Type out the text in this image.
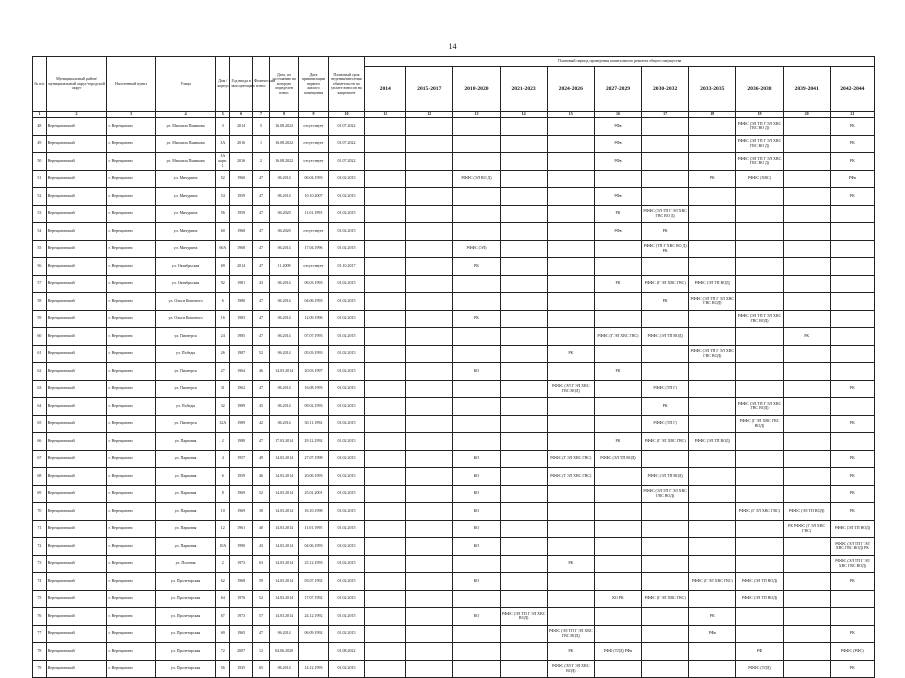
14
№ п/п	Муниципальный район/муниципальный округ/городской округ	Населенный пункт	Улица	Дом / корпус	Год ввода в эксплуатацию	Физический износ	Дата, по состоянию на которую определен износ	Дата приватизации первого жилого помещения	Плановый срок ведения/внесения обязательств по уплате взносов на капремонт	Плановый период проведения капитального ремонта общего имущества										
										2014	2015-2017	2018-2020	2021-2023	2024-2026	2027-2029	2030-2032	2033-2035	2036-2038	2039-2041	2042-2044
1	2	3	4	5	6	7	8	9	10	11	12	13	14	15	16	17	18	19	20	21
48	Верещагинский	г. Верещагино	ул. Михаила Пьянкова	3	2014	5	16.08.2022	отсутствует	01.07.2022						РФв			РФФС (ЭЛ ТП Г ЭЛ ХВС ГВС ВО Д)		РК
49	Верещагинский	г. Верещагино	ул. Михаила Пьянкова	3А	2016	1	16.08.2022	отсутствует	01.07.2022						РФв			РФФС (ЭЛ ТП Г ЭЛ ХВС ГВС ВО Д)		РК
50	Верещагинский	г. Верещагино	ул. Михаила Пьянкова	3А корп. 1	2016	2	16.08.2022	отсутствует	01.07.2022						РФв			РФФС (ЭЛ ТП Г ЭЛ ХВС ГВС ВО Д)		РК
51	Верещагинский	г. Верещагино	ул. Мичурина	52	1960	47	06.2014	06.04.1993	01.02.2015			РФФС (ЭЛ ВО Д)					РК	РФФС (ХВС)		РФв
52	Верещагинский	г. Верещагино	ул. Мичурина	54	1959	47	06.2014	10.10.2007	01.02.2015						РФв					РК
53	Верещагинский	г. Верещагино	ул. Мичурина	56	1959	47	06.2020	11.01.1993	01.02.2015						РК	РФФС (ЭЛ ТП Г ЭЛ ХВС ГВС ВО Д)				
54	Верещагинский	г. Верещагино	ул. Мичурина	60	1968	47	06.2020	отсутствует	01.02.2015						РФв	РК				
55	Верещагинский	г. Верещагино	ул. Мичурина	60А	1968	47	06.2014	17.04.1996	01.02.2015			РФФС (ЭЛ)				РФФС (ТП Г ХВС ВО Д) РК				
56	Верещагинский	г. Верещагино	ул. Октябрьская	69	2014	47	11.2008	отсутствует	01.10.2017			РК								
57	Верещагинский	г. Верещагино	ул. Октябрьская	92	1981	43	06.2014	06.03.1993	01.02.2015						РК	РФФС (Г ЭЛ ХВС ГВС)	РФФС (ЭЛ ТП ВОД)			
58	Верещагинский	г. Верещагино	ул. Ольги Кошевого	6	1980	47	06.2014	04.06.1993	01.02.2015							РК	РФФС (ЭЛ ТП Г ЭЛ ХВС ГВС ВОД)			
59	Верещагинский	г. Верещагино	ул. Ольги Кошевого	16	1983	47	06.2014	12.09.1996	01.02.2015			РК						РФФС (ЭЛ ТП Г ЭЛ ХВС ГВС ВОД)		
60	Верещагинский	г. Верещагино	ул. Пионерск	24	1985	47	06.2014	07.07.1993	01.02.2015						РФФС (Г ЭЛ ХВС ГВС)	РФФС (ЭЛ ТП ВОД)			РК	
61	Верещагинский	г. Верещагино	ул. Победы	26	1987	52	06.2014	05.03.1993	01.02.2015					РК			РФФС (ЭЛ ТП Г ЭЛ ХВС ГВС ВОД)			
62	Верещагинский	г. Верещагино	ул. Пионерск	27	1964	46	14.03.2014	20.03.1997	01.02.2015			КО			РК					
63	Верещагинский	г. Верещагино	ул. Пионерск	31	1962	47	06.2014	16.08.1993	01.02.2015					РФФС (ЭЛ Г ЭЛ ХВС ГВС ВОД)		РФФС (ТП Г)				РК
64	Верещагинский	г. Верещагино	ул. Победы	32	1989	45	06.2014	09.02.1993	01.02.2015							РК		РФФС (ЭЛ ТП Г ЭЛ ХВС ГВС ВОД)		
65	Верещагинский	г. Верещагино	ул. Пионерск	32А	1989	42	06.2014	30.11.1992	01.02.2015							РФФС (ТП Г)		РФФС (Г ЭЛ ХВС ГВС ВОД)		РК
66	Верещагинский	г. Верещагино	ул. Парковая	2	1980	47	17.03.2014	29.12.1992	01.02.2015						РК	РФФС (Г ЭЛ ХВС ГВС)	РФФС (ЭЛ ТП ВОД)			
67	Верещагинский	г. Верещагино	ул. Парковая	4	1957	49	14.03.2014	27.07.1998	01.02.2015			КО		РФФС (Г ЭЛ ХВС ГВС)	РФФС (ЭЛ ТП ВОД)					РК
68	Верещагинский	г. Верещагино	ул. Парковая	6	1959	46	14.03.2014	20.06.1993	01.02.2015			КО		РФФС (Г ЭЛ ХВС ГВС)		РФФС (ЭЛ ТП ВОД)				РК
69	Верещагинский	г. Верещагино	ул. Парковая	8	1969	52	14.03.2014	25.01.2001	01.02.2015			КО				РФФС (ЭЛ ТП Г ЭЛ ХВС ГВС ВОД)				РК
70	Верещагинский	г. Верещагино	ул. Парковая	10	1969	38	14.03.2014	16.10.1998	01.02.2015			КО						РФФС (Г ЭЛ ХВС ГВС)	РФФС (ЭЛ ТП ВОД)	РК
71	Верещагинский	г. Верещагино	ул. Парковая	12	1961	40	14.03.2014	11.01.1995	01.02.2015			КО							РК РФФС (Г ЭЛ ХВС ГВС)	РФФС (ЭЛ ТП ВОД)
72	Верещагинский	г. Верещагино	ул. Парковая	10А	1990	43	14.03.2014	04.06.1993	01.02.2015			КО								РФФС (ЭЛ ТП Г ЭЛ ХВС ГВС ВОД) РК
73	Верещагинский	г. Верещагино	ул. Полевая	2	1973	63	14.03.2014	23.12.1993	01.02.2015					РК						РФФС (ЭЛ ТП Г ЭЛ ХВС ГВС ВОД)
74	Верещагинский	г. Верещагино	ул. Пролетарская	62	1968	59	14.03.2014	03.07.1992	01.02.2015			КО					РФФС (Г ЭЛ ХВС ГВС)	РФФС (ЭЛ ТП ВОД)		РК
75	Верещагинский	г. Верещагино	ул. Пролетарская	64	1976	52	14.03.2014	17.07.1992	01.02.2015						КО РК	РФФС (Г ЭЛ ХВС ГВС)		РФФС (ЭЛ ТП ВОД)		
76	Верещагинский	г. Верещагино	ул. Пролетарская	67	1973	57	14.03.2014	24.12.1992	01.02.2015			КО	РФФС (ЭЛ ТП Г ЭЛ ХВС ВОД)				РК			
77	Верещагинский	г. Верещагино	ул. Пролетарская	69	1965	47	06.2014	06.09.1992	01.02.2015					РФФС (ЭЛ ТП Г ЭЛ ХВС ГВС ВОД)			РФв			РК
78	Верещагинский	г. Верещагино	ул. Пролетарская	72	2007	12	04.06.2020		01.08.2022					РК	РФФ (ТЛД) РФв			РФ		РФФС (РФС)
79	Верещагинский	г. Верещагино	ул. Пролетарская	56	1935	65	06.2014	14.12.1993	01.02.2015					РФФС (ЭЛ Г ЭЛ ХВС ВОД)				РФФС (ТЛД)		РК
